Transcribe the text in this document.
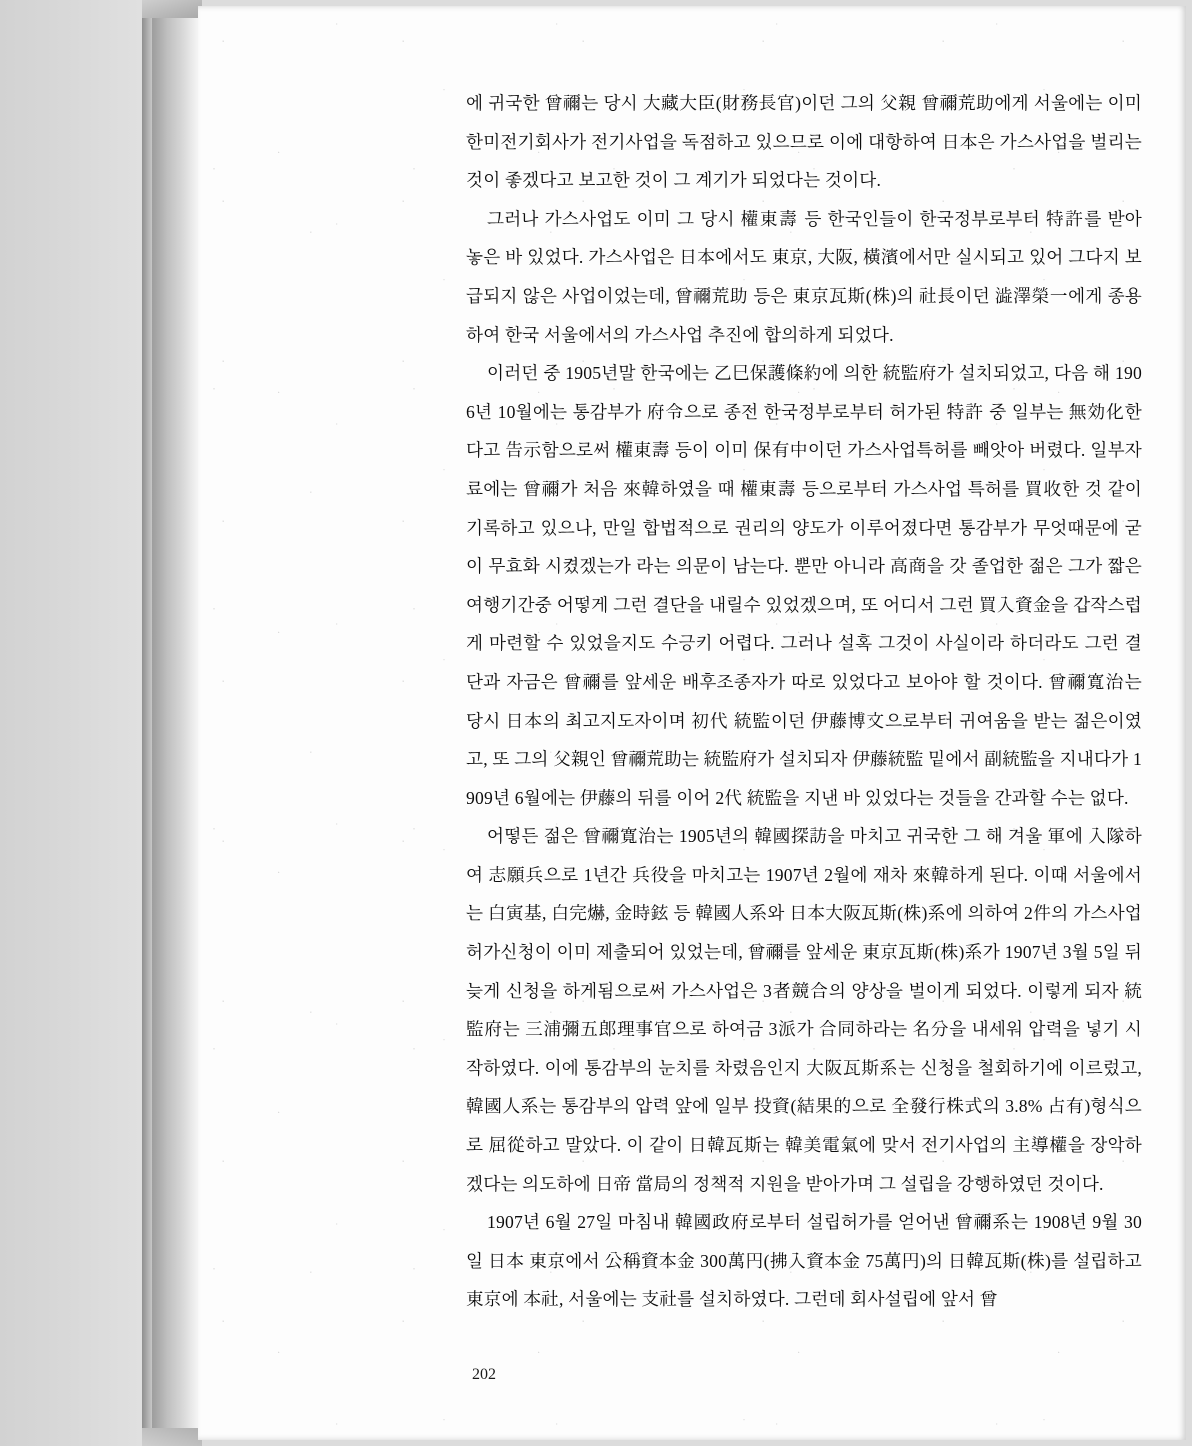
에 귀국한 曾禰는 당시 大藏大臣(財務長官)이던 그의 父親 曾禰荒助에게 서울에는 이미 한미전기회사가 전기사업을 독점하고 있으므로 이에 대항하여 日本은 가스사업을 벌리는 것이 좋겠다고 보고한 것이 그 계기가 되었다는 것이다.

그러나 가스사업도 이미 그 당시 權東壽 등 한국인들이 한국정부로부터 特許를 받아 놓은 바 있었다. 가스사업은 日本에서도 東京, 大阪, 橫濱에서만 실시되고 있어 그다지 보급되지 않은 사업이었는데, 曾禰荒助 등은 東京瓦斯(株)의 社長이던 澁澤榮一에게 종용하여 한국 서울에서의 가스사업 추진에 합의하게 되었다.

이러던 중 1905년말 한국에는 乙巳保護條約에 의한 統監府가 설치되었고, 다음 해 1906년 10월에는 통감부가 府令으로 종전 한국정부로부터 허가된 特許 중 일부는 無効化한다고 告示함으로써 權東壽 등이 이미 保有中이던 가스사업특허를 빼앗아 버렸다. 일부자료에는 曾禰가 처음 來韓하였을 때 權東壽 등으로부터 가스사업 특허를 買收한 것 같이 기록하고 있으나, 만일 합법적으로 권리의 양도가 이루어졌다면 통감부가 무엇때문에 굳이 무효화 시켰겠는가 라는 의문이 남는다. 뿐만 아니라 高商을 갓 졸업한 젊은 그가 짧은 여행기간중 어떻게 그런 결단을 내릴수 있었겠으며, 또 어디서 그런 買入資金을 갑작스럽게 마련할 수 있었을지도 수긍키 어렵다. 그러나 설혹 그것이 사실이라 하더라도 그런 결단과 자금은 曾禰를 앞세운 배후조종자가 따로 있었다고 보아야 할 것이다. 曾禰寬治는 당시 日本의 최고지도자이며 初代 統監이던 伊藤博文으로부터 귀여움을 받는 젊은이였고, 또 그의 父親인 曾禰荒助는 統監府가 설치되자 伊藤統監 밑에서 副統監을 지내다가 1909년 6월에는 伊藤의 뒤를 이어 2代 統監을 지낸 바 있었다는 것들을 간과할 수는 없다.

어떻든 젊은 曾禰寬治는 1905년의 韓國探訪을 마치고 귀국한 그 해 겨울 軍에 入隊하여 志願兵으로 1년간 兵役을 마치고는 1907년 2월에 재차 來韓하게 된다. 이때 서울에서는 白寅基, 白完爀, 金時鉉 등 韓國人系와 日本大阪瓦斯(株)系에 의하여 2件의 가스사업 허가신청이 이미 제출되어 있었는데, 曾禰를 앞세운 東京瓦斯(株)系가 1907년 3월 5일 뒤늦게 신청을 하게됨으로써 가스사업은 3者競合의 양상을 벌이게 되었다. 이렇게 되자 統監府는 三浦彌五郞理事官으로 하여금 3派가 合同하라는 名分을 내세워 압력을 넣기 시작하였다. 이에 통감부의 눈치를 차렸음인지 大阪瓦斯系는 신청을 철회하기에 이르렀고, 韓國人系는 통감부의 압력 앞에 일부 投資(結果的으로 全發行株式의 3.8% 占有)형식으로 屈從하고 말았다. 이 같이 日韓瓦斯는 韓美電氣에 맞서 전기사업의 主導權을 장악하겠다는 의도하에 日帝 當局의 정책적 지원을 받아가며 그 설립을 강행하였던 것이다.

1907년 6월 27일 마침내 韓國政府로부터 설립허가를 얻어낸 曾禰系는 1908년 9월 30일 日本 東京에서 公稱資本金 300萬円(拂入資本金 75萬円)의 日韓瓦斯(株)를 설립하고 東京에 本社, 서울에는 支社를 설치하였다. 그런데 회사설립에 앞서 曾

202
